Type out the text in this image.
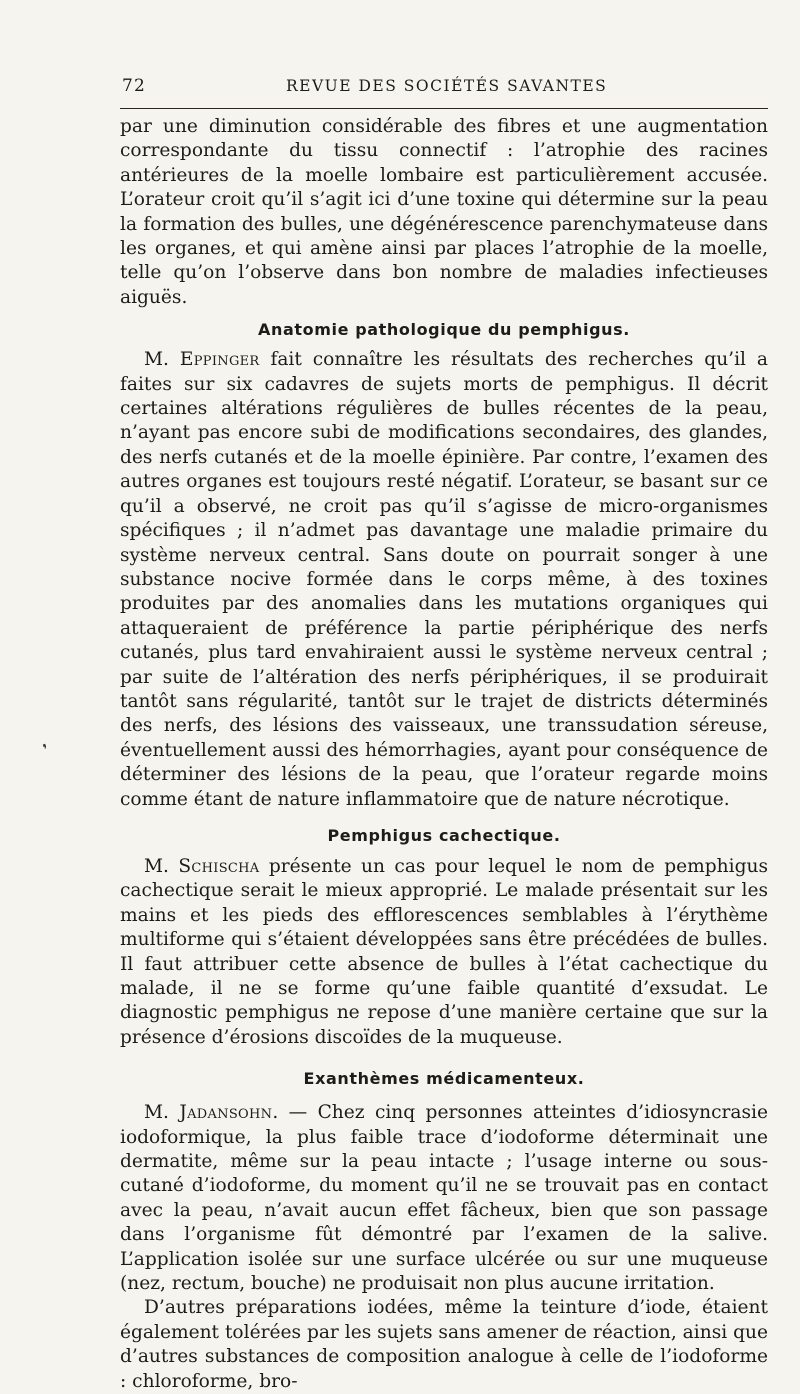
❜
72	REVUE DES SOCIÉTÉS SAVANTES

par une diminution considérable des fibres et une augmentation correspondante du tissu connectif : l’atrophie des racines antérieures de la moelle lombaire est particulièrement accusée. L’orateur croit qu’il s’agit ici d’une toxine qui détermine sur la peau la formation des bulles, une dégénérescence parenchymateuse dans les organes, et qui amène ainsi par places l’atrophie de la moelle, telle qu’on l’observe dans bon nombre de maladies infectieuses aiguës.

Anatomie pathologique du pemphigus.

M. Eppinger fait connaître les résultats des recherches qu’il a faites sur six cadavres de sujets morts de pemphigus. Il décrit certaines altérations régulières de bulles récentes de la peau, n’ayant pas encore subi de modifications secondaires, des glandes, des nerfs cutanés et de la moelle épinière. Par contre, l’examen des autres organes est toujours resté négatif. L’orateur, se basant sur ce qu’il a observé, ne croit pas qu’il s’agisse de micro-organismes spécifiques ; il n’admet pas davantage une maladie primaire du système nerveux central. Sans doute on pourrait songer à une substance nocive formée dans le corps même, à des toxines produites par des anomalies dans les mutations organiques qui attaqueraient de préférence la partie périphérique des nerfs cutanés, plus tard envahiraient aussi le système nerveux central ; par suite de l’altération des nerfs périphériques, il se produirait tantôt sans régularité, tantôt sur le trajet de districts déterminés des nerfs, des lésions des vaisseaux, une transsudation séreuse, éventuellement aussi des hémorrhagies, ayant pour conséquence de déterminer des lésions de la peau, que l’orateur regarde moins comme étant de nature inflammatoire que de nature nécrotique.

Pemphigus cachectique.

M. Schischa présente un cas pour lequel le nom de pemphigus cachectique serait le mieux approprié. Le malade présentait sur les mains et les pieds des efflorescences semblables à l’érythème multiforme qui s’étaient développées sans être précédées de bulles. Il faut attribuer cette absence de bulles à l’état cachectique du malade, il ne se forme qu’une faible quantité d’exsudat. Le diagnostic pemphigus ne repose d’une manière certaine que sur la présence d’érosions discoïdes de la muqueuse.

Exanthèmes médicamenteux.

M. Jadansohn. — Chez cinq personnes atteintes d’idiosyncrasie iodoformique, la plus faible trace d’iodoforme déterminait une dermatite, même sur la peau intacte ; l’usage interne ou sous-cutané d’iodoforme, du moment qu’il ne se trouvait pas en contact avec la peau, n’avait aucun effet fâcheux, bien que son passage dans l’organisme fût démontré par l’examen de la salive. L’application isolée sur une surface ulcérée ou sur une muqueuse (nez, rectum, bouche) ne produisait non plus aucune irritation.

D’autres préparations iodées, même la teinture d’iode, étaient également tolérées par les sujets sans amener de réaction, ainsi que d’autres substances de composition analogue à celle de l’iodoforme : chloroforme, bro-
